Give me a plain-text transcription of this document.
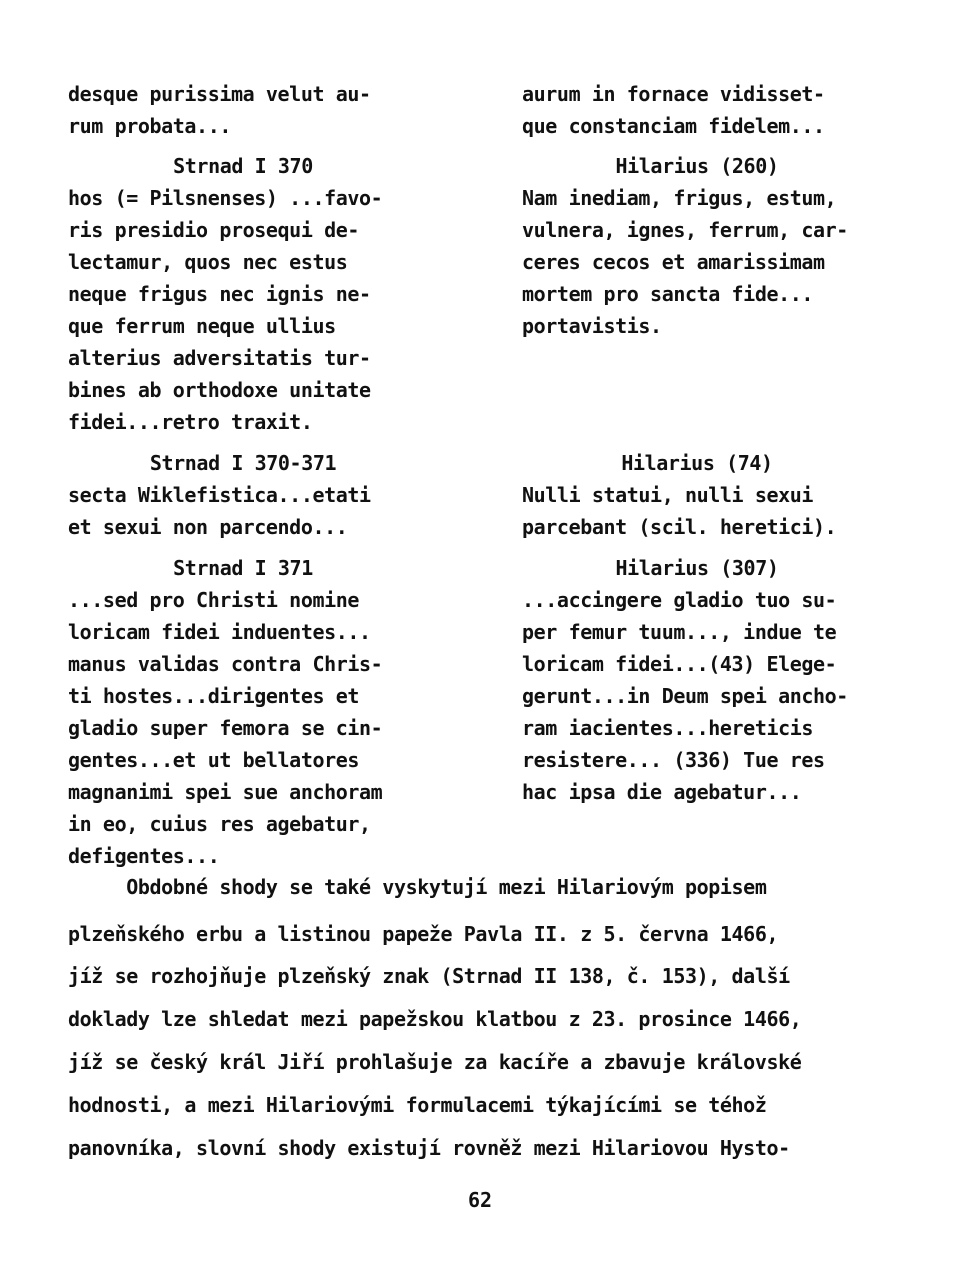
desque purissima velut au-
rum probata...
Strnad I 370
hos (= Pilsnenses) ...favo-
ris presidio prosequi de-
lectamur, quos nec estus
neque frigus nec ignis ne-
que ferrum neque ullius
alterius adversitatis tur-
bines ab orthodoxe unitate
fidei...retro traxit.
Strnad I 370-371
secta Wiklefistica...etati
et sexui non parcendo...
Strnad I 371
...sed pro Christi nomine
loricam fidei induentes...
manus validas contra Chris-
ti hostes...dirigentes et
gladio super femora se cin-
gentes...et ut bellatores
magnanimi spei sue anchoram
in eo, cuius res agebatur,
defigentes...
aurum in fornace vidisset-
que constanciam fidelem...
Hilarius (260)
Nam inediam, frigus, estum,
vulnera, ignes, ferrum, car-
ceres cecos et amarissimam
mortem pro sancta fide...
portavistis.
Hilarius (74)
Nulli statui, nulli sexui
parcebant (scil. heretici).
Hilarius (307)
...accingere gladio tuo su-
per femur tuum..., indue te
loricam fidei...(43) Elege-
gerunt...in Deum spei ancho-
ram iacientes...hereticis
resistere... (336) Tue res
hac ipsa die agebatur...
Obdobné shody se také vyskytují mezi Hilariovým popisem
plzeňského erbu a listinou papeže Pavla II. z 5. června 1466,
jíž se rozhojňuje plzeňský znak (Strnad II 138, č. 153), další
doklady lze shledat mezi papežskou klatbou z 23. prosince 1466,
jíž se český král Jiří prohlašuje za kacíře a zbavuje královské
hodnosti, a mezi Hilariovými formulacemi týkajícími se téhož
panovníka, slovní shody existují rovněž mezi Hilariovou Hysto-
62
